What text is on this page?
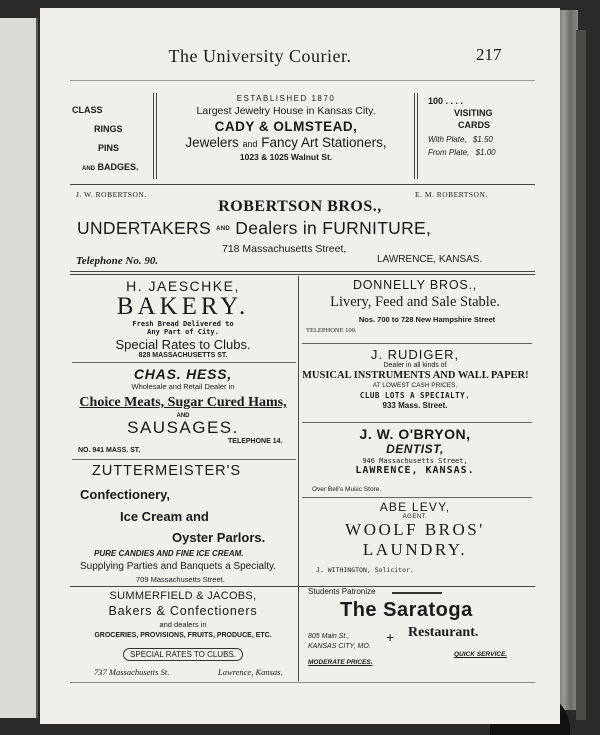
The University Courier.	217
CLASS
RINGS
PINS
AND BADGES.
ESTABLISHED 1870
Largest Jewelry House in Kansas City.
CADY & OLMSTEAD,
Jewelers and Fancy Art Stationers,
1023 & 1025 Walnut St.
100 . . . .
VISITING
CARDS
With Plate, $1.50
From Plate, $1.00
J. W. ROBERTSON.	E. M. ROBERTSON.
ROBERTSON BROS.,
UNDERTAKERS AND Dealers in FURNITURE,
718 Massachusetts Street,
Telephone No. 90.	LAWRENCE, KANSAS.
H. JAESCHKE,
BAKERY.
Fresh Bread Delivered to
Any Part of City.
Special Rates to Clubs.
828 MASSACHUSETTS ST.
CHAS. HESS,
Wholesale and Retail Dealer in
Choice Meats, Sugar Cured Hams,
AND
SAUSAGES.
NO. 941 MASS. ST.
TELEPHONE 14.
ZUTTERMEISTER'S
Confectionery,
Ice Cream and
Oyster Parlors.
PURE CANDIES AND FINE ICE CREAM.
Supplying Parties and Banquets a Specialty.
709 Massachusetts Street.
SUMMERFIELD & JACOBS,
Bakers & Confectioners
and dealers in
GROCERIES, PROVISIONS, FRUITS, PRODUCE, ETC.
SPECIAL RATES TO CLUBS.
737 Massachusetts St.	Lawrence, Kansas.
DONNELLY BROS.,
Livery, Feed and Sale Stable.
Nos. 700 to 728 New Hampshire Street
TELEPHONE 100.
J. RUDIGER,
Dealer in all kinds of
MUSICAL INSTRUMENTS AND WALL PAPER!
AT LOWEST CASH PRICES.
CLUB LOTS A SPECIALTY.
933 Mass. Street.
J. W. O'BRYON,
DENTIST,
946 Massachusetts Street,
LAWRENCE, KANSAS.
Over Bell's Music Store.
ABE LEVY,
AGENT.
WOOLF BROS'
LAUNDRY.
J. WITHINGTON, Solicitor.
Students Patronize
The Saratoga
805 Main St.,
KANSAS CITY, MO.
+ Restaurant.
MODERATE PRICES.
QUICK SERVICE.
